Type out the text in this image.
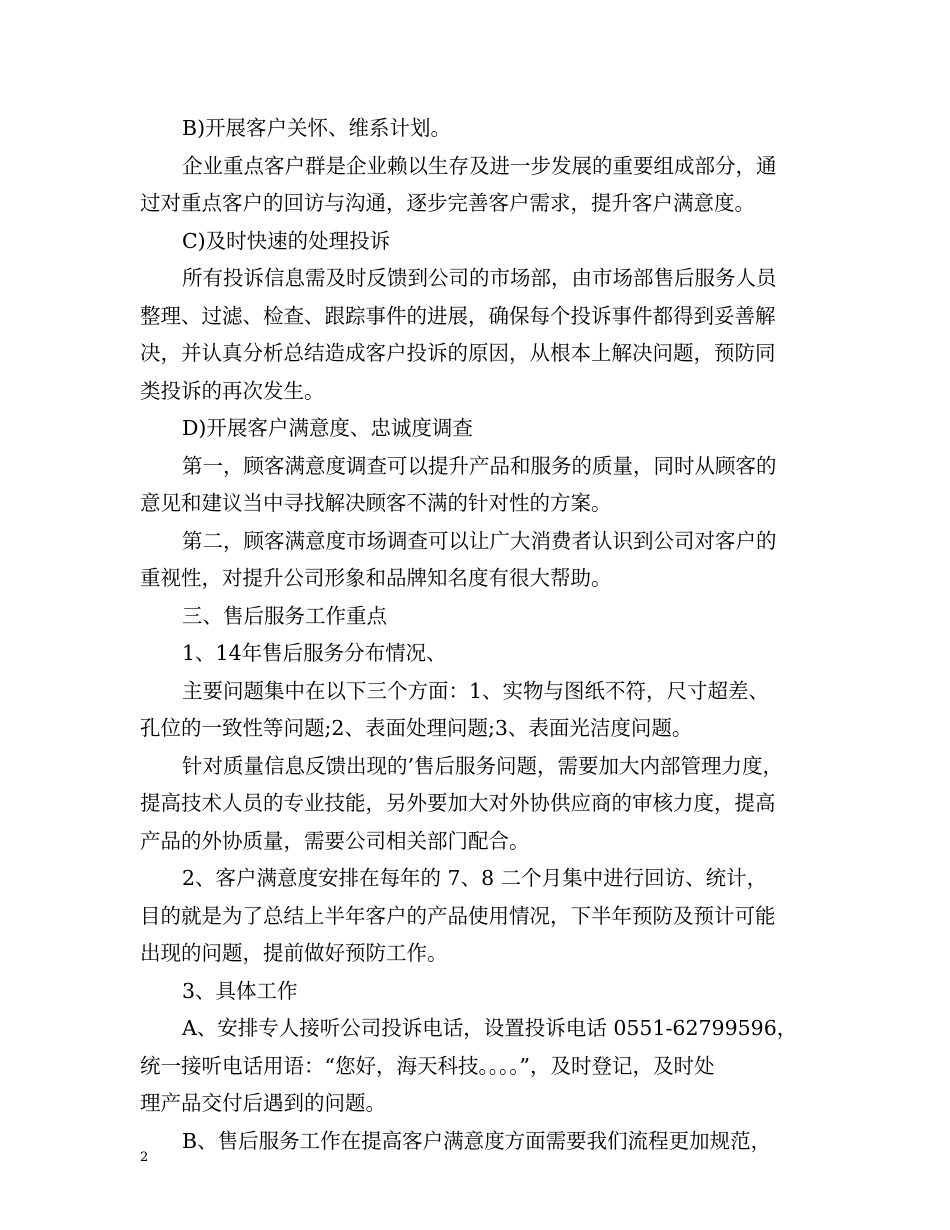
B)开展客户关怀、维系计划。
企业重点客户群是企业赖以生存及进一步发展的重要组成部分，通
过对重点客户的回访与沟通，逐步完善客户需求，提升客户满意度。
C)及时快速的处理投诉
所有投诉信息需及时反馈到公司的市场部，由市场部售后服务人员
整理、过滤、检查、跟踪事件的进展，确保每个投诉事件都得到妥善解
决，并认真分析总结造成客户投诉的原因，从根本上解决问题，预防同
类投诉的再次发生。
D)开展客户满意度、忠诚度调查
第一，顾客满意度调查可以提升产品和服务的质量，同时从顾客的
意见和建议当中寻找解决顾客不满的针对性的方案。
第二，顾客满意度市场调查可以让广大消费者认识到公司对客户的
重视性，对提升公司形象和品牌知名度有很大帮助。
三、售后服务工作重点
1、14年售后服务分布情况、
主要问题集中在以下三个方面：1、实物与图纸不符，尺寸超差、
孔位的一致性等问题;2、表面处理问题;3、表面光洁度问题。
针对质量信息反馈出现的’售后服务问题，需要加大内部管理力度，
提高技术人员的专业技能，另外要加大对外协供应商的审核力度，提高
产品的外协质量，需要公司相关部门配合。
2、客户满意度安排在每年的 7、8 二个月集中进行回访、统计，
目的就是为了总结上半年客户的产品使用情况，下半年预防及预计可能
出现的问题，提前做好预防工作。
3、具体工作
A、安排专人接听公司投诉电话，设置投诉电话 0551-62799596，
统一接听电话用语：“您好，海天科技。。。。”，及时登记，及时处
理产品交付后遇到的问题。
B、售后服务工作在提高客户满意度方面需要我们流程更加规范，
2
